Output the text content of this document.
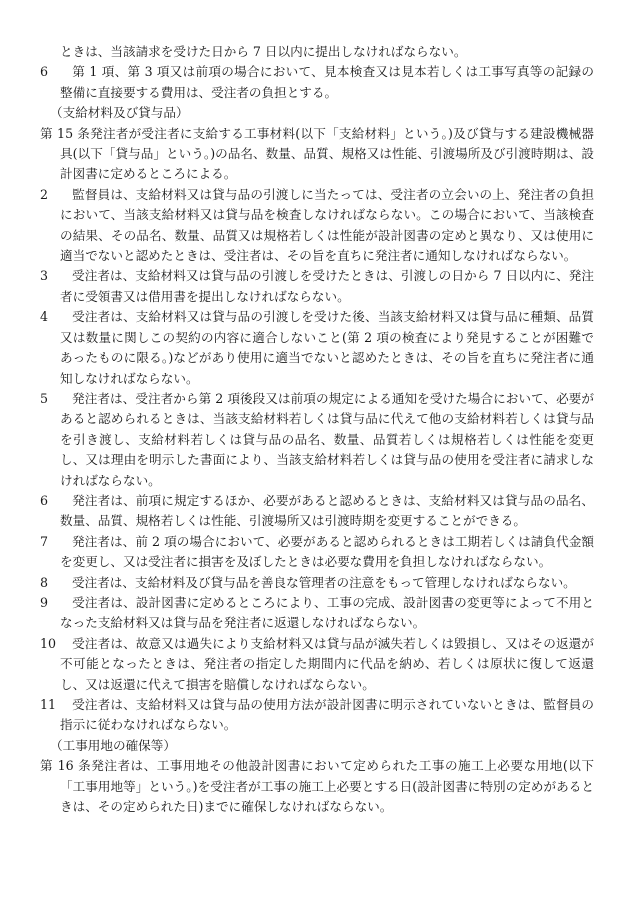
ときは、当該請求を受けた日から 7 日以内に提出しなければならない。

6 第 1 項、第 3 項又は前項の場合において、見本検査又は見本若しくは工事写真等の記録の整備に直接要する費用は、受注者の負担とする。

（支給材料及び貸与品）

第 15 条発注者が受注者に支給する工事材料(以下「支給材料」という。)及び貸与する建設機械器具(以下「貸与品」という。)の品名、数量、品質、規格又は性能、引渡場所及び引渡時期は、設計図書に定めるところによる。

2 監督員は、支給材料又は貸与品の引渡しに当たっては、受注者の立会いの上、発注者の負担において、当該支給材料又は貸与品を検査しなければならない。この場合において、当該検査の結果、その品名、数量、品質又は規格若しくは性能が設計図書の定めと異なり、又は使用に適当でないと認めたときは、受注者は、その旨を直ちに発注者に通知しなければならない。

3 受注者は、支給材料又は貸与品の引渡しを受けたときは、引渡しの日から 7 日以内に、発注者に受領書又は借用書を提出しなければならない。

4 受注者は、支給材料又は貸与品の引渡しを受けた後、当該支給材料又は貸与品に種類、品質又は数量に関しこの契約の内容に適合しないこと(第 2 項の検査により発見することが困難であったものに限る。)などがあり使用に適当でないと認めたときは、その旨を直ちに発注者に通知しなければならない。

5 発注者は、受注者から第 2 項後段又は前項の規定による通知を受けた場合において、必要があると認められるときは、当該支給材料若しくは貸与品に代えて他の支給材料若しくは貸与品を引き渡し、支給材料若しくは貸与品の品名、数量、品質若しくは規格若しくは性能を変更し、又は理由を明示した書面により、当該支給材料若しくは貸与品の使用を受注者に請求しなければならない。

6 発注者は、前項に規定するほか、必要があると認めるときは、支給材料又は貸与品の品名、数量、品質、規格若しくは性能、引渡場所又は引渡時期を変更することができる。

7 発注者は、前 2 項の場合において、必要があると認められるときは工期若しくは請負代金額を変更し、又は受注者に損害を及ぼしたときは必要な費用を負担しなければならない。

8 受注者は、支給材料及び貸与品を善良な管理者の注意をもって管理しなければならない。

9 受注者は、設計図書に定めるところにより、工事の完成、設計図書の変更等によって不用となった支給材料又は貸与品を発注者に返還しなければならない。

10 受注者は、故意又は過失により支給材料又は貸与品が滅失若しくは毀損し、又はその返還が不可能となったときは、発注者の指定した期間内に代品を納め、若しくは原状に復して返還し、又は返還に代えて損害を賠償しなければならない。

11 受注者は、支給材料又は貸与品の使用方法が設計図書に明示されていないときは、監督員の指示に従わなければならない。

（工事用地の確保等）

第 16 条発注者は、工事用地その他設計図書において定められた工事の施工上必要な用地(以下「工事用地等」という。)を受注者が工事の施工上必要とする日(設計図書に特別の定めがあるときは、その定められた日)までに確保しなければならない。
